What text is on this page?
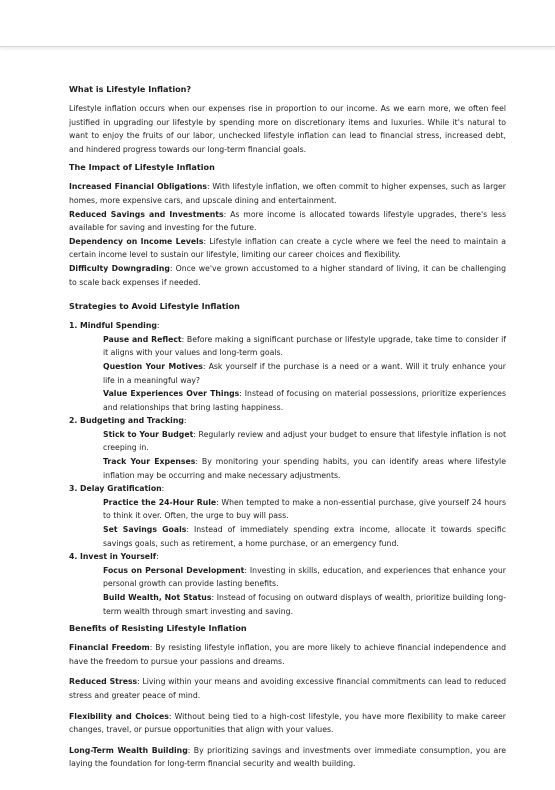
What is Lifestyle Inflation?

Lifestyle inflation occurs when our expenses rise in proportion to our income. As we earn more, we often feel justified in upgrading our lifestyle by spending more on discretionary items and luxuries. While it's natural to want to enjoy the fruits of our labor, unchecked lifestyle inflation can lead to financial stress, increased debt, and hindered progress towards our long-term financial goals.

The Impact of Lifestyle Inflation

Increased Financial Obligations: With lifestyle inflation, we often commit to higher expenses, such as larger homes, more expensive cars, and upscale dining and entertainment.

Reduced Savings and Investments: As more income is allocated towards lifestyle upgrades, there's less available for saving and investing for the future.

Dependency on Income Levels: Lifestyle inflation can create a cycle where we feel the need to maintain a certain income level to sustain our lifestyle, limiting our career choices and flexibility.

Difficulty Downgrading: Once we've grown accustomed to a higher standard of living, it can be challenging to scale back expenses if needed.

Strategies to Avoid Lifestyle Inflation

1. Mindful Spending:

Pause and Reflect: Before making a significant purchase or lifestyle upgrade, take time to consider if it aligns with your values and long-term goals.

Question Your Motives: Ask yourself if the purchase is a need or a want. Will it truly enhance your life in a meaningful way?

Value Experiences Over Things: Instead of focusing on material possessions, prioritize experiences and relationships that bring lasting happiness.

2. Budgeting and Tracking:

Stick to Your Budget: Regularly review and adjust your budget to ensure that lifestyle inflation is not creeping in.

Track Your Expenses: By monitoring your spending habits, you can identify areas where lifestyle inflation may be occurring and make necessary adjustments.

3. Delay Gratification:

Practice the 24-Hour Rule: When tempted to make a non-essential purchase, give yourself 24 hours to think it over. Often, the urge to buy will pass.

Set Savings Goals: Instead of immediately spending extra income, allocate it towards specific savings goals, such as retirement, a home purchase, or an emergency fund.

4. Invest in Yourself:

Focus on Personal Development: Investing in skills, education, and experiences that enhance your personal growth can provide lasting benefits.

Build Wealth, Not Status: Instead of focusing on outward displays of wealth, prioritize building long-term wealth through smart investing and saving.

Benefits of Resisting Lifestyle Inflation

Financial Freedom: By resisting lifestyle inflation, you are more likely to achieve financial independence and have the freedom to pursue your passions and dreams.

Reduced Stress: Living within your means and avoiding excessive financial commitments can lead to reduced stress and greater peace of mind.

Flexibility and Choices: Without being tied to a high-cost lifestyle, you have more flexibility to make career changes, travel, or pursue opportunities that align with your values.

Long-Term Wealth Building: By prioritizing savings and investments over immediate consumption, you are laying the foundation for long-term financial security and wealth building.
